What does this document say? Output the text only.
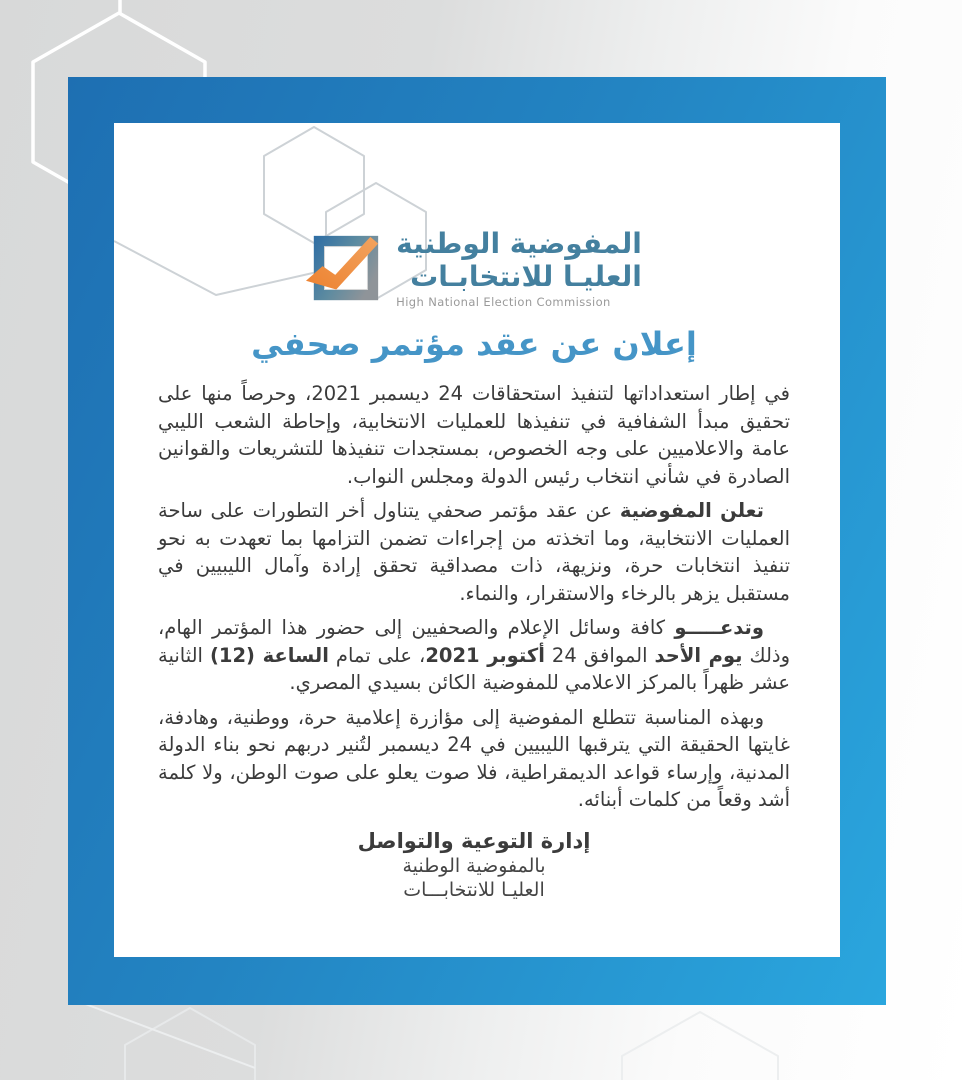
المفوضية الوطنية
العليـا للانتخابـات
High National Election Commission
إعلان عن عقد مؤتمر صحفي

في إطار استعداداتها لتنفيذ استحقاقات 24 ديسمبر 2021، وحرصاً منها على تحقيق مبدأ الشفافية في تنفيذها للعمليات الانتخابية، وإحاطة الشعب الليبي عامة والاعلاميين على وجه الخصوص، بمستجدات تنفيذها للتشريعات والقوانين الصادرة في شأني انتخاب رئيس الدولة ومجلس النواب.

تعلن المفوضية عن عقد مؤتمر صحفي يتناول أخر التطورات على ساحة العمليات الانتخابية، وما اتخذته من إجراءات تضمن التزامها بما تعهدت به نحو تنفيذ انتخابات حرة، ونزيهة، ذات مصداقية تحقق إرادة وآمال الليبيين في مستقبل يزهر بالرخاء والاستقرار، والنماء.

وتدعـــــو كافة وسائل الإعلام والصحفيين إلى حضور هذا المؤتمر الهام، وذلك يوم الأحد الموافق 24 أكتوبر 2021، على تمام الساعة (12) الثانية عشر ظهراً بالمركز الاعلامي للمفوضية الكائن بسيدي المصري.

وبهذه المناسبة تتطلع المفوضية إلى مؤازرة إعلامية حرة، ووطنية، وهادفة، غايتها الحقيقة التي يترقبها الليبيين في 24 ديسمبر لتُنير دربهم نحو بناء الدولة المدنية، وإرساء قواعد الديمقراطية، فلا صوت يعلو على صوت الوطن، ولا كلمة أشد وقعاً من كلمات أبنائه.

إدارة التوعية والتواصل
بالمفوضية الوطنية
العليـا للانتخابـــات
